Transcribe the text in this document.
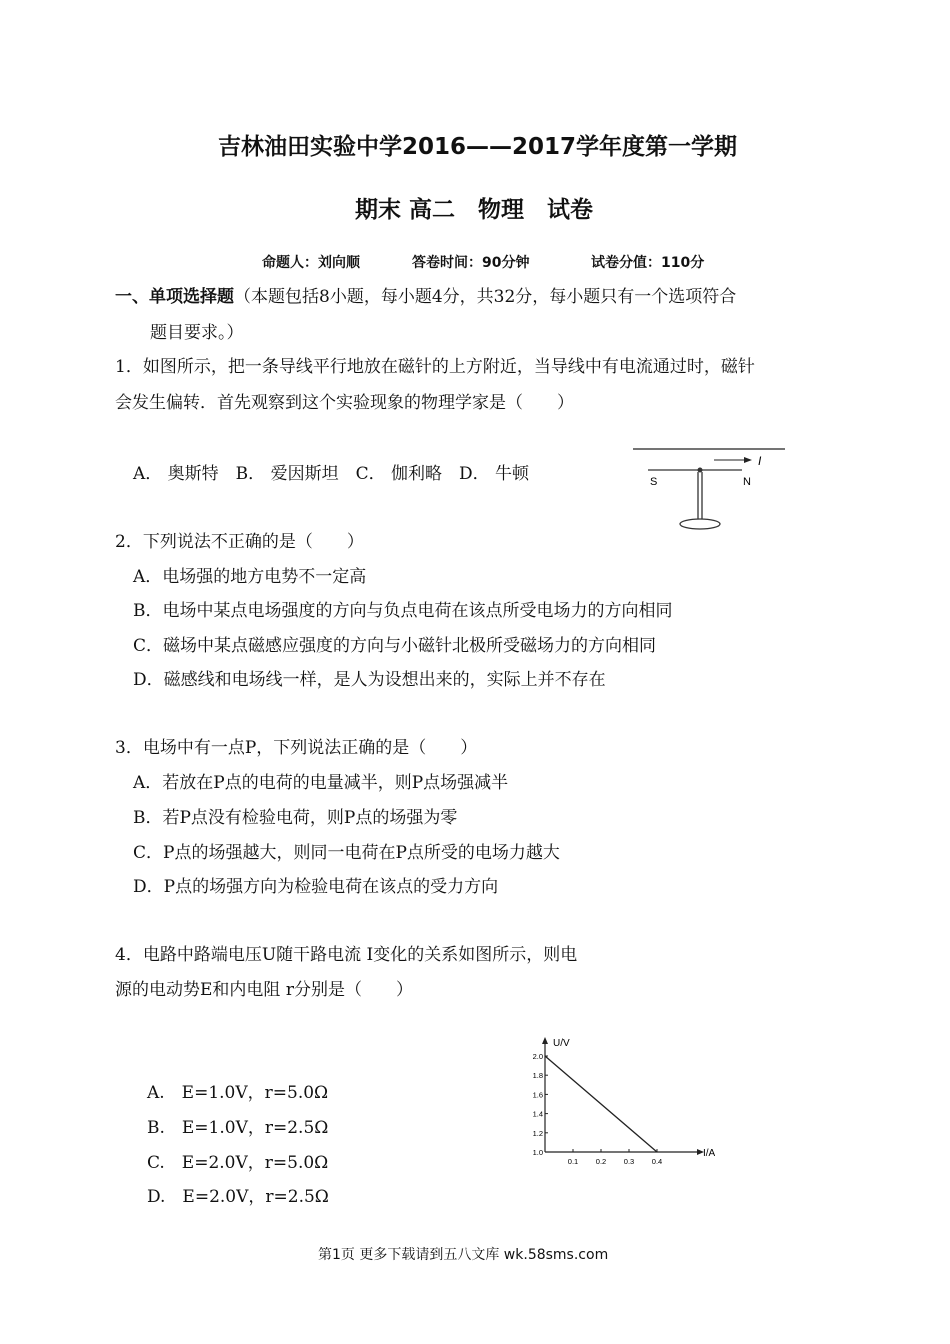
吉林油田实验中学2016——2017学年度第一学期
期末 高二　物理　试卷
命题人：刘向顺	答卷时间：90分钟	试卷分值：110分
一、单项选择题（本题包括8小题，每小题4分，共32分，每小题只有一个选项符合
题目要求。）
1．如图所示，把一条导线平行地放在磁针的上方附近，当导线中有电流通过时，磁针
会发生偏转．首先观察到这个实验现象的物理学家是（　　）
A． 奥斯特　B． 爱因斯坦　C． 伽利略　D． 牛顿
I
S	N
2．下列说法不正确的是（　　）
A．电场强的地方电势不一定高
B．电场中某点电场强度的方向与负点电荷在该点所受电场力的方向相同
C．磁场中某点磁感应强度的方向与小磁针北极所受磁场力的方向相同
D．磁感线和电场线一样，是人为设想出来的，实际上并不存在
3．电场中有一点P，下列说法正确的是（　　）
A．若放在P点的电荷的电量减半，则P点场强减半
B．若P点没有检验电荷，则P点的场强为零
C．P点的场强越大，则同一电荷在P点所受的电场力越大
D．P点的场强方向为检验电荷在该点的受力方向
4．电路中路端电压U随干路电流 I变化的关系如图所示，则电
源的电动势E和内电阻 r分别是（　　）
A.　E=1.0V，r=5.0Ω
B.　E=1.0V，r=2.5Ω
C.　E=2.0V，r=5.0Ω
D.　E=2.0V，r=2.5Ω
U/V
I/A
1.0
1.2
1.4
1.6
1.8
2.0
0.1 0.2 0.3 0.4
第1页 更多下载请到五八文库 wk.58sms.com
